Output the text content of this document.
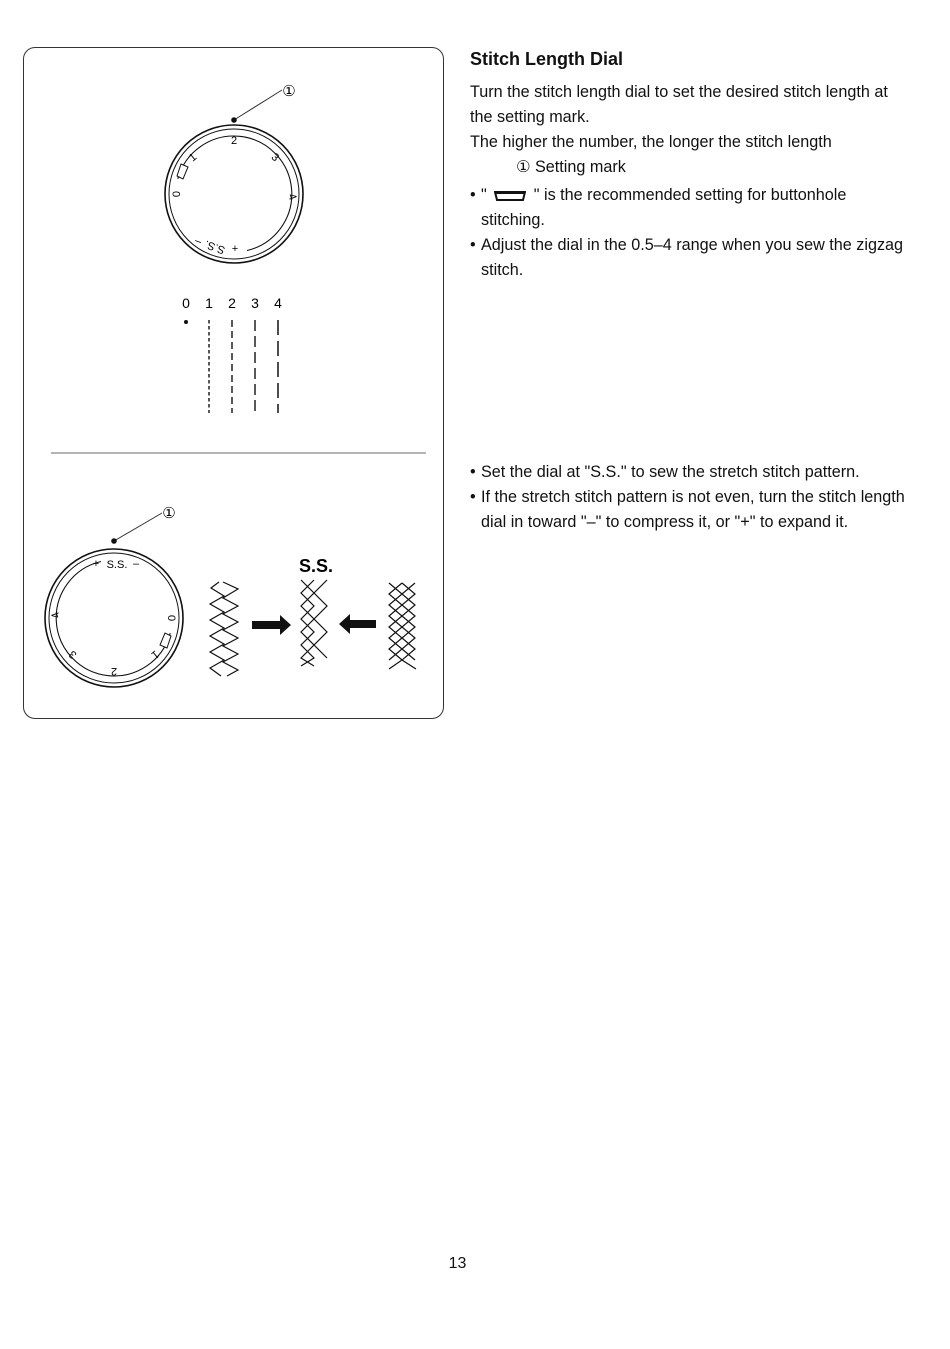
①
0
1
2
3
4
S.S.
–
+
0 1 2 3 4
①
S.S.
+	–
0
1
2
3
4
S.S.
Stitch Length Dial

Turn the stitch length dial to set the desired stitch length at the setting mark.

The higher the number, the longer the stitch length

① Setting mark

• "	" is the recommended setting for buttonhole stitching.
• Adjust the dial in the 0.5–4 range when you sew the zigzag stitch.
• Set the dial at "S.S." to sew the stretch stitch pattern.
• If the stretch stitch pattern is not even, turn the stitch length dial in toward "–" to compress it, or "+" to expand it.
13
